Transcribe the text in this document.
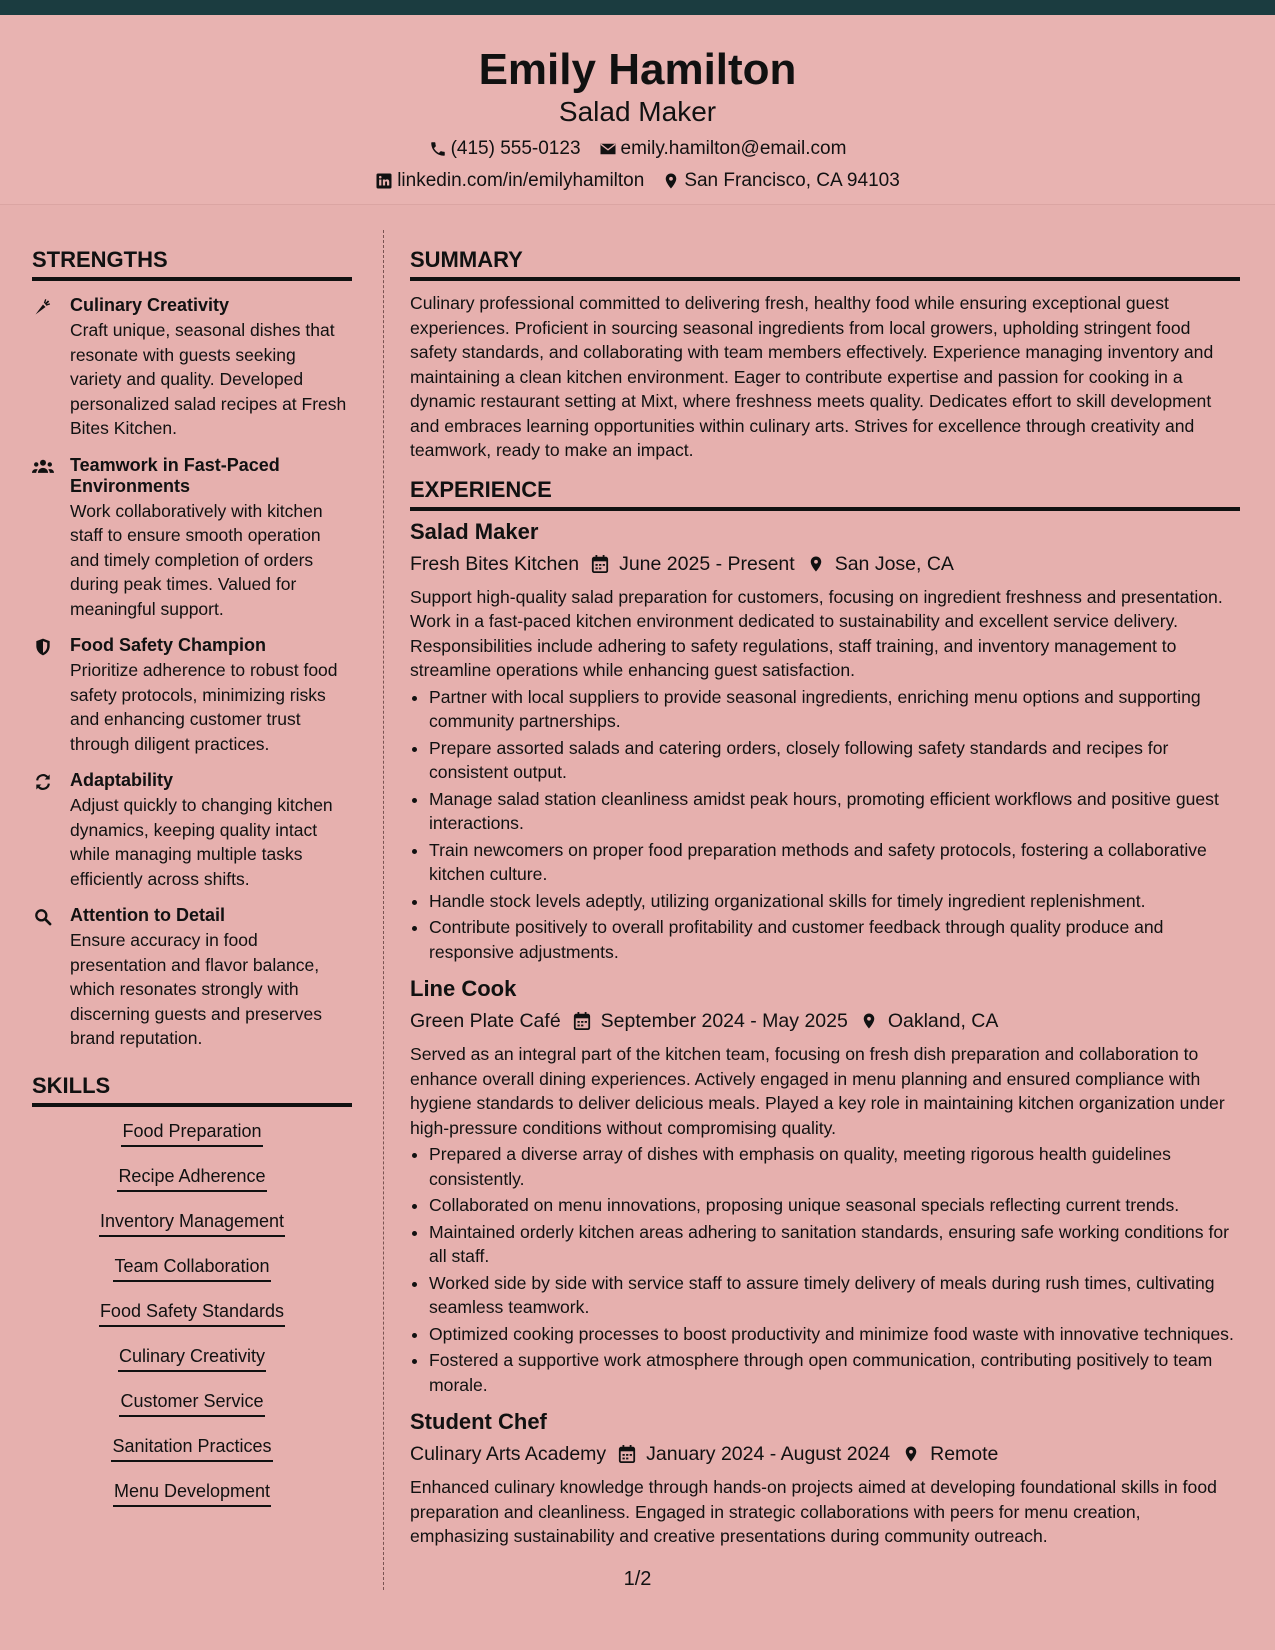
Emily Hamilton
Salad Maker
(415) 555-0123 emily.hamilton@email.com
linkedin.com/in/emilyhamilton San Francisco, CA 94103
STRENGTHS
Culinary Creativity
Craft unique, seasonal dishes that resonate with guests seeking variety and quality. Developed personalized salad recipes at Fresh Bites Kitchen.
Teamwork in Fast-Paced Environments
Work collaboratively with kitchen staff to ensure smooth operation and timely completion of orders during peak times. Valued for meaningful support.
Food Safety Champion
Prioritize adherence to robust food safety protocols, minimizing risks and enhancing customer trust through diligent practices.
Adaptability
Adjust quickly to changing kitchen dynamics, keeping quality intact while managing multiple tasks efficiently across shifts.
Attention to Detail
Ensure accuracy in food presentation and flavor balance, which resonates strongly with discerning guests and preserves brand reputation.
SKILLS
Food Preparation
Recipe Adherence
Inventory Management
Team Collaboration
Food Safety Standards
Culinary Creativity
Customer Service
Sanitation Practices
Menu Development
SUMMARY
Culinary professional committed to delivering fresh, healthy food while ensuring exceptional guest experiences. Proficient in sourcing seasonal ingredients from local growers, upholding stringent food safety standards, and collaborating with team members effectively. Experience managing inventory and maintaining a clean kitchen environment. Eager to contribute expertise and passion for cooking in a dynamic restaurant setting at Mixt, where freshness meets quality. Dedicates effort to skill development and embraces learning opportunities within culinary arts. Strives for excellence through creativity and teamwork, ready to make an impact.
EXPERIENCE
Salad Maker
Fresh Bites Kitchen June 2025 - Present San Jose, CA
Support high-quality salad preparation for customers, focusing on ingredient freshness and presentation. Work in a fast-paced kitchen environment dedicated to sustainability and excellent service delivery. Responsibilities include adhering to safety regulations, staff training, and inventory management to streamline operations while enhancing guest satisfaction.
• Partner with local suppliers to provide seasonal ingredients, enriching menu options and supporting community partnerships.
• Prepare assorted salads and catering orders, closely following safety standards and recipes for consistent output.
• Manage salad station cleanliness amidst peak hours, promoting efficient workflows and positive guest interactions.
• Train newcomers on proper food preparation methods and safety protocols, fostering a collaborative kitchen culture.
• Handle stock levels adeptly, utilizing organizational skills for timely ingredient replenishment.
• Contribute positively to overall profitability and customer feedback through quality produce and responsive adjustments.
Line Cook
Green Plate Café September 2024 - May 2025 Oakland, CA
Served as an integral part of the kitchen team, focusing on fresh dish preparation and collaboration to enhance overall dining experiences. Actively engaged in menu planning and ensured compliance with hygiene standards to deliver delicious meals. Played a key role in maintaining kitchen organization under high-pressure conditions without compromising quality.
• Prepared a diverse array of dishes with emphasis on quality, meeting rigorous health guidelines consistently.
• Collaborated on menu innovations, proposing unique seasonal specials reflecting current trends.
• Maintained orderly kitchen areas adhering to sanitation standards, ensuring safe working conditions for all staff.
• Worked side by side with service staff to assure timely delivery of meals during rush times, cultivating seamless teamwork.
• Optimized cooking processes to boost productivity and minimize food waste with innovative techniques.
• Fostered a supportive work atmosphere through open communication, contributing positively to team morale.
Student Chef
Culinary Arts Academy January 2024 - August 2024 Remote
Enhanced culinary knowledge through hands-on projects aimed at developing foundational skills in food preparation and cleanliness. Engaged in strategic collaborations with peers for menu creation, emphasizing sustainability and creative presentations during community outreach.
1/2
